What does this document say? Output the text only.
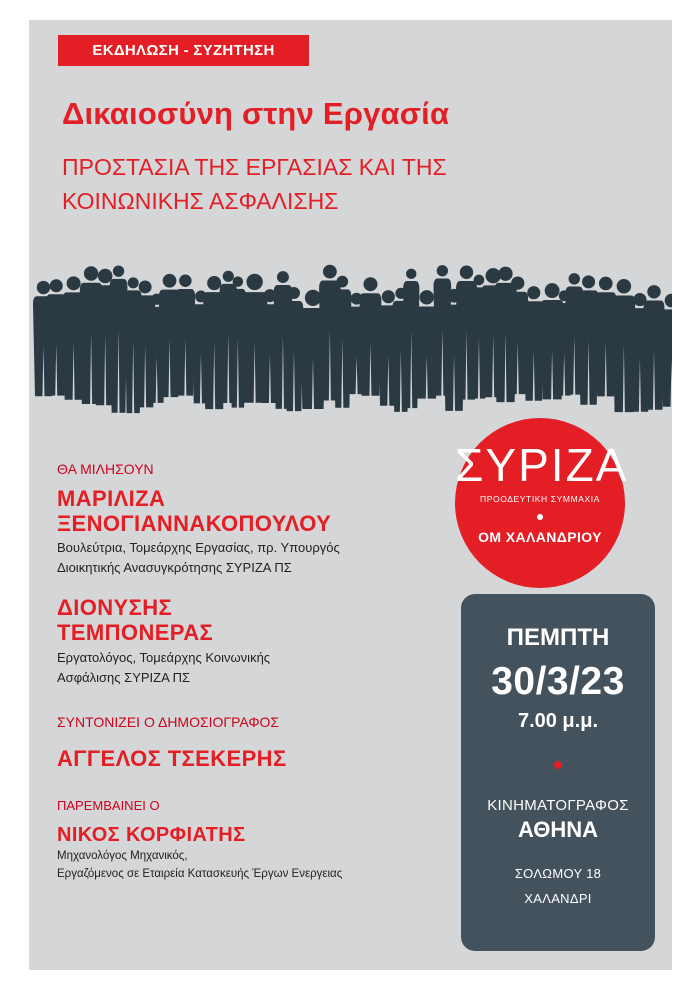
ΕΚΔΗΛΩΣΗ - ΣΥΖΗΤΗΣΗ
Δικαιοσύνη στην Εργασία

ΠΡΟΣΤΑΣΙΑ ΤΗΣ ΕΡΓΑΣΙΑΣ ΚΑΙ ΤΗΣ ΚΟΙΝΩΝΙΚΗΣ ΑΣΦΑΛΙΣΗΣ

ΣΥΡΙΖΑ
ΠΡΟΟΔΕΥΤΙΚΗ ΣΥΜΜΑΧΙΑ
ΟΜ ΧΑΛΑΝΔΡΙΟΥ
ΘΑ ΜΙΛΗΣΟΥΝ
ΜΑΡΙΛΙΖΑ
ΞΕΝΟΓΙΑΝΝΑΚΟΠΟΥΛΟΥ
Βουλεύτρια, Τομεάρχης Εργασίας, πρ. Υπουργός
Διοικητικής Ανασυγκρότησης ΣΥΡΙΖΑ ΠΣ
ΔΙΟΝΥΣΗΣ
ΤΕΜΠΟΝΕΡΑΣ
Εργατολόγος, Τομεάρχης Κοινωνικής
Ασφάλισης ΣΥΡΙΖΑ ΠΣ
ΣΥΝΤΟΝΙΖΕΙ Ο ΔΗΜΟΣΙΟΓΡΑΦΟΣ
ΑΓΓΕΛΟΣ ΤΣΕΚΕΡΗΣ
ΠΑΡΕΜΒΑΙΝΕΙ Ο
ΝΙΚΟΣ ΚΟΡΦΙΑΤΗΣ
Μηχανολόγος Μηχανικός,
Εργαζόμενος σε Εταιρεία Κατασκευής Έργων Ενεργειας
ΠΕΜΠΤΗ
30/3/23
7.00 μ.μ.
ΚΙΝΗΜΑΤΟΓΡΑΦΟΣ
ΑΘΗΝΑ
ΣΟΛΩΜΟΥ 18
ΧΑΛΑΝΔΡΙ
